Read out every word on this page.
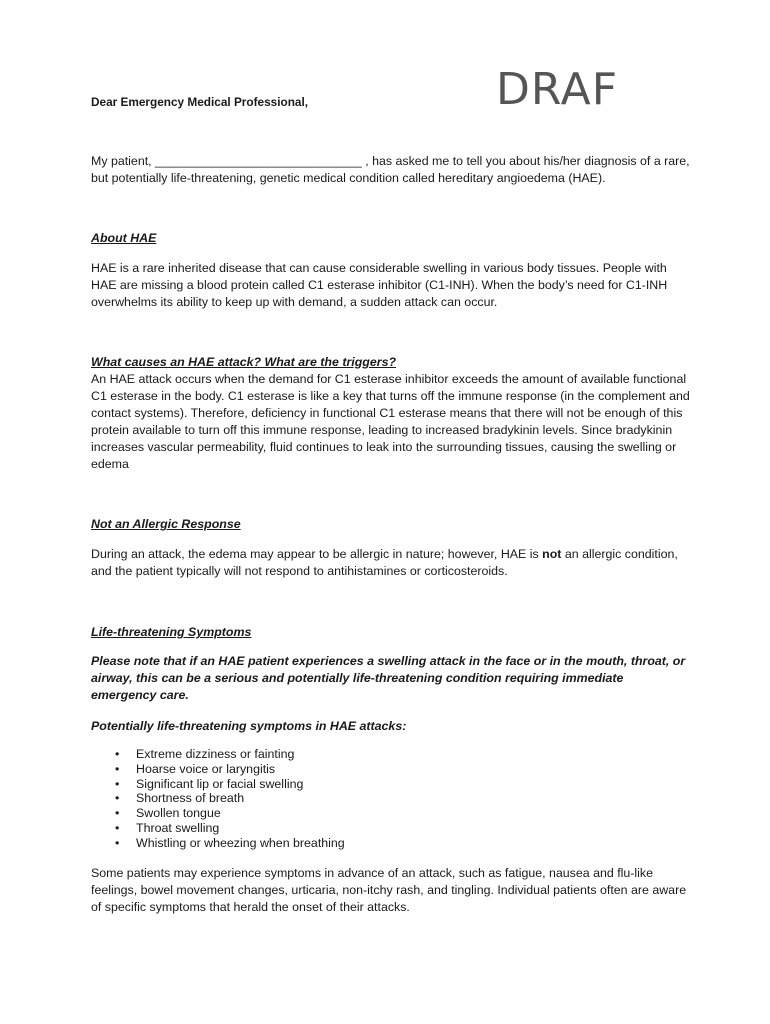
DRAF

Dear Emergency Medical Professional,

My patient, ______________________________ , has asked me to tell you about his/her diagnosis of a rare, but potentially life-threatening, genetic medical condition called hereditary angioedema (HAE).

About HAE

HAE is a rare inherited disease that can cause considerable swelling in various body tissues. People with HAE are missing a blood protein called C1 esterase inhibitor (C1-INH). When the body’s need for C1-INH overwhelms its ability to keep up with demand, a sudden attack can occur.

What causes an HAE attack? What are the triggers?

An HAE attack occurs when the demand for C1 esterase inhibitor exceeds the amount of available functional C1 esterase in the body. C1 esterase is like a key that turns off the immune response (in the complement and contact systems). Therefore, deficiency in functional C1 esterase means that there will not be enough of this protein available to turn off this immune response, leading to increased bradykinin levels. Since bradykinin increases vascular permeability, fluid continues to leak into the surrounding tissues, causing the swelling or edema

Not an Allergic Response

During an attack, the edema may appear to be allergic in nature; however, HAE is not an allergic condition, and the patient typically will not respond to antihistamines or corticosteroids.

Life-threatening Symptoms

Please note that if an HAE patient experiences a swelling attack in the face or in the mouth, throat, or airway, this can be a serious and potentially life-threatening condition requiring immediate emergency care.

Potentially life-threatening symptoms in HAE attacks:

• Extreme dizziness or fainting
• Hoarse voice or laryngitis
• Significant lip or facial swelling
• Shortness of breath
• Swollen tongue
• Throat swelling
• Whistling or wheezing when breathing

Some patients may experience symptoms in advance of an attack, such as fatigue, nausea and flu-like feelings, bowel movement changes, urticaria, non-itchy rash, and tingling. Individual patients often are aware of specific symptoms that herald the onset of their attacks.
